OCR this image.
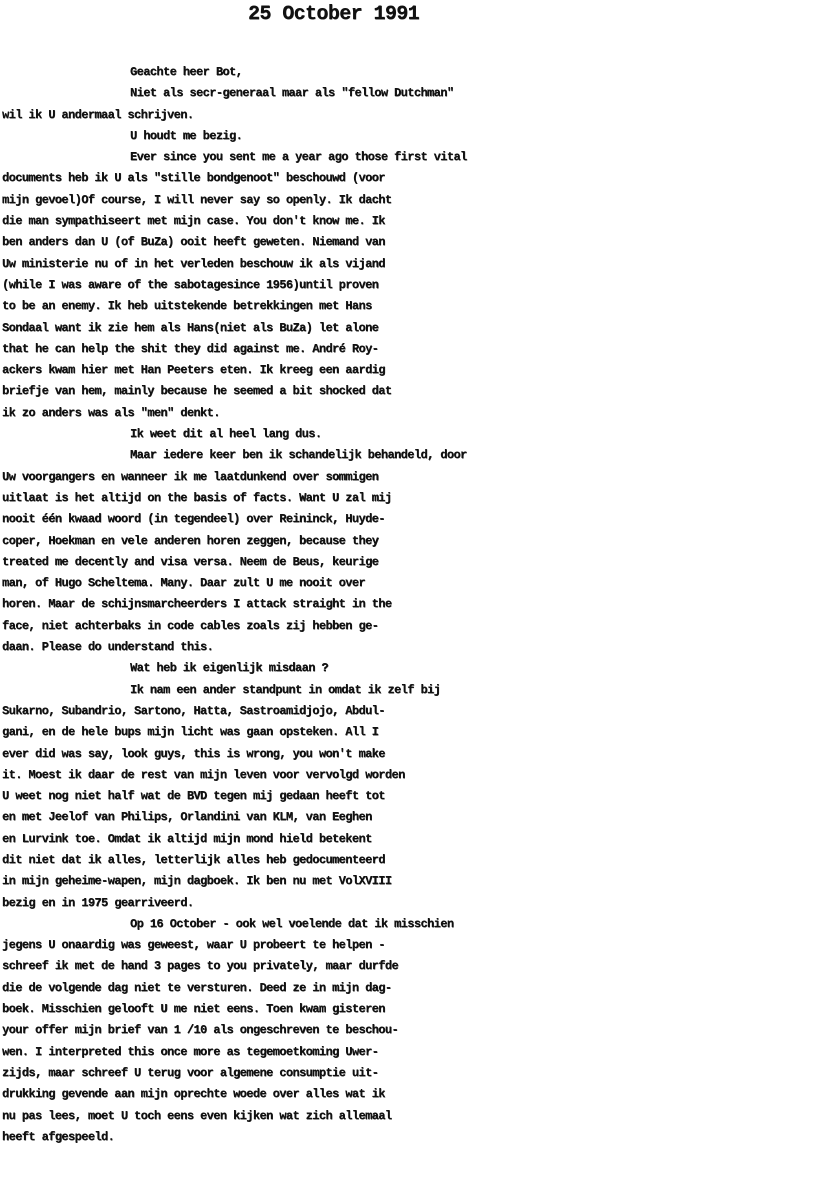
25 October 1991
Geachte heer Bot,
Niet als secr-generaal maar als "fellow Dutchman"
wil ik U andermaal schrijven.
U houdt me bezig.
Ever since you sent me a year ago those first vital
documents heb ik U als "stille bondgenoot" beschouwd (voor
mijn gevoel)Of course, I will never say so openly. Ik dacht
die man sympathiseert met mijn case. You don't know me. Ik
ben anders dan U (of BuZa) ooit heeft geweten. Niemand van
Uw ministerie nu of in het verleden beschouw ik als vijand
(while I was aware of the sabotagesince 1956)until proven
to be an enemy. Ik heb uitstekende betrekkingen met Hans
Sondaal want ik zie hem als Hans(niet als BuZa) let alone
that he can help the shit they did against me. André Roy-
ackers kwam hier met Han Peeters eten. Ik kreeg een aardig
briefje van hem, mainly because he seemed a bit shocked dat
ik zo anders was als "men" denkt.
Ik weet dit al heel lang dus.
Maar iedere keer ben ik schandelijk behandeld, door
Uw voorgangers en wanneer ik me laatdunkend over sommigen
uitlaat is het altijd on the basis of facts. Want U zal mij
nooit één kwaad woord (in tegendeel) over Reininck, Huyde-
coper, Hoekman en vele anderen horen zeggen, because they
treated me decently and visa versa. Neem de Beus, keurige
man, of Hugo Scheltema. Many. Daar zult U me nooit over
horen. Maar de schijnsmarcheerders I attack straight in the
face, niet achterbaks in code cables zoals zij hebben ge-
daan. Please do understand this.
Wat heb ik eigenlijk misdaan ?
Ik nam een ander standpunt in omdat ik zelf bij
Sukarno, Subandrio, Sartono, Hatta, Sastroamidjojo, Abdul-
gani, en de hele bups mijn licht was gaan opsteken. All I
ever did was say, look guys, this is wrong, you won't make
it. Moest ik daar de rest van mijn leven voor vervolgd worden
U weet nog niet half wat de BVD tegen mij gedaan heeft tot
en met Jeelof van Philips, Orlandini van KLM, van Eeghen
en Lurvink toe. Omdat ik altijd mijn mond hield betekent
dit niet dat ik alles, letterlijk alles heb gedocumenteerd
in mijn geheime-wapen, mijn dagboek. Ik ben nu met VolXVIII
bezig en in 1975 gearriveerd.
Op 16 October - ook wel voelende dat ik misschien
jegens U onaardig was geweest, waar U probeert te helpen -
schreef ik met de hand 3 pages to you privately, maar durfde
die de volgende dag niet te versturen. Deed ze in mijn dag-
boek. Misschien gelooft U me niet eens. Toen kwam gisteren
your offer mijn brief van 1 /10 als ongeschreven te beschou-
wen. I interpreted this once more as tegemoetkoming Uwer-
zijds, maar schreef U terug voor algemene consumptie uit-
drukking gevende aan mijn oprechte woede over alles wat ik
nu pas lees, moet U toch eens even kijken wat zich allemaal
heeft afgespeeld.
